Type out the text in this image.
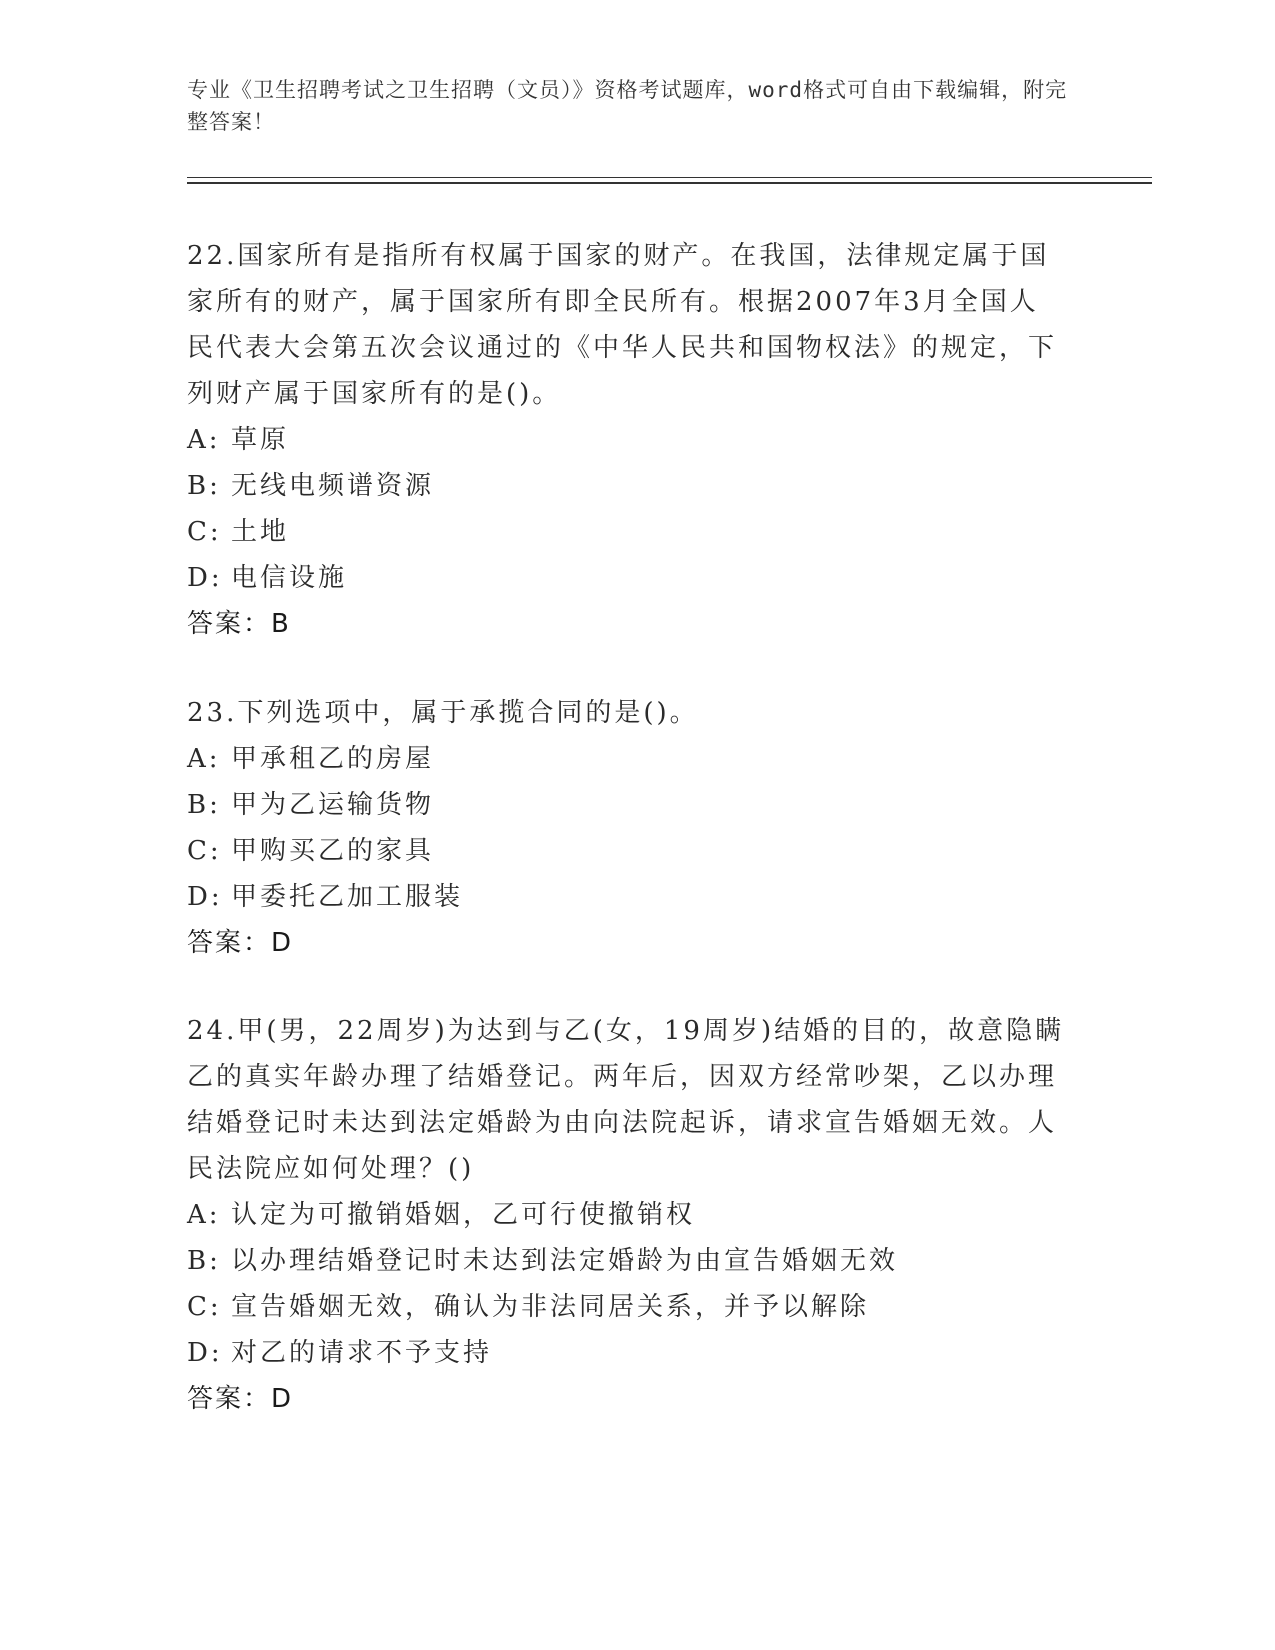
专业《卫生招聘考试之卫生招聘（文员）》资格考试题库，word格式可自由下载编辑，附完整答案！

22.国家所有是指所有权属于国家的财产。在我国，法律规定属于国家所有的财产，属于国家所有即全民所有。根据2007年3月全国人民代表大会第五次会议通过的《中华人民共和国物权法》的规定，下列财产属于国家所有的是()。

A: 草原

B: 无线电频谱资源

C: 土地

D: 电信设施

答案：B

23.下列选项中，属于承揽合同的是()。

A: 甲承租乙的房屋

B: 甲为乙运输货物

C: 甲购买乙的家具

D: 甲委托乙加工服装

答案：D

24.甲(男，22周岁)为达到与乙(女，19周岁)结婚的目的，故意隐瞒乙的真实年龄办理了结婚登记。两年后，因双方经常吵架，乙以办理结婚登记时未达到法定婚龄为由向法院起诉，请求宣告婚姻无效。人民法院应如何处理？()

A: 认定为可撤销婚姻，乙可行使撤销权

B: 以办理结婚登记时未达到法定婚龄为由宣告婚姻无效

C: 宣告婚姻无效，确认为非法同居关系，并予以解除

D: 对乙的请求不予支持

答案：D
